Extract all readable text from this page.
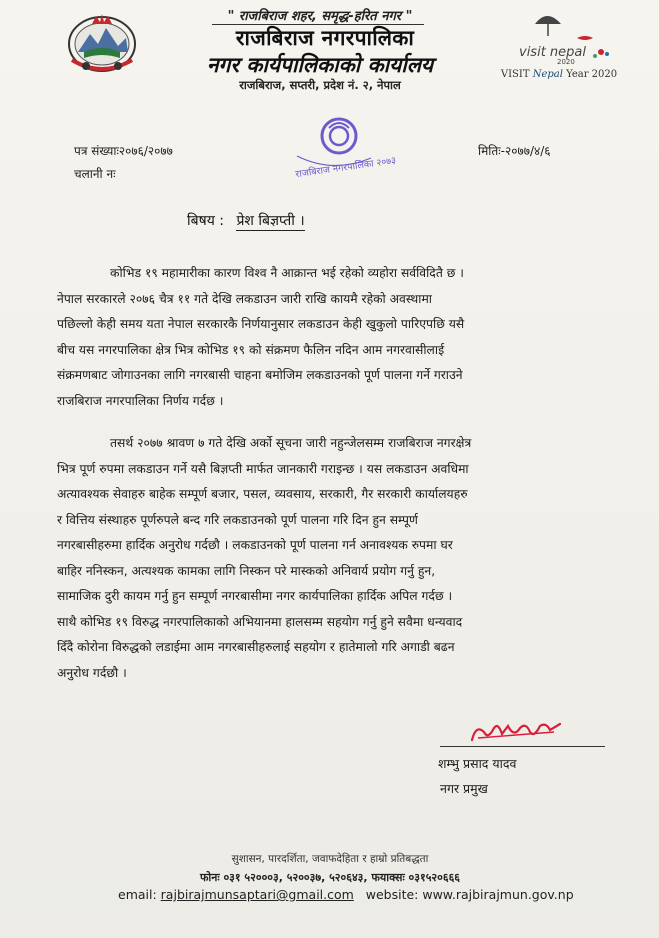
" राजबिराज शहर, समृद्ध-हरित नगर "
राजबिराज नगरपालिका
नगर कार्यपालिकाको कार्यालय
राजबिराज, सप्तरी, प्रदेश नं. २, नेपाल
visit nepal
2020
VISIT Nepal Year 2020
पत्र संख्याः२०७६/२०७७
चलानी नः
मितिः-२०७७/४/६
राजबिराज नगरपालिका २०७३
बिषय : प्रेश बिज्ञप्ती ।
कोभिड १९ महामारीका कारण विश्व नै आक्रान्त भई रहेको व्यहोरा सर्वविदितै छ ।
नेपाल सरकारले २०७६ चैत्र ११ गते देखि लकडाउन जारी राखि कायमै रहेको अवस्थामा
पछिल्लो केही समय यता नेपाल सरकारकै निर्णयानुसार लकडाउन केही खुकुलो पारिएपछि यसै
बीच यस नगरपालिका क्षेत्र भित्र कोभिड १९ को संक्रमण फैलिन नदिन आम नगरवासीलाई
संक्रमणबाट जोगाउनका लागि नगरबासी चाहना बमोजिम लकडाउनको पूर्ण पालना गर्ने गराउने
राजबिराज नगरपालिका निर्णय गर्दछ ।
तसर्थ २०७७ श्रावण ७ गते देखि अर्को सूचना जारी नहुन्जेलसम्म राजबिराज नगरक्षेत्र
भित्र पूर्ण रुपमा लकडाउन गर्ने यसै बिज्ञप्ती मार्फत जानकारी गराइन्छ । यस लकडाउन अवधिमा
अत्यावश्यक सेवाहरु बाहेक सम्पूर्ण बजार, पसल, व्यवसाय, सरकारी, गैर सरकारी कार्यालयहरु
र वित्तिय संस्थाहरु पूर्णरुपले बन्द गरि लकडाउनको पूर्ण पालना गरि दिन हुन सम्पूर्ण
नगरबासीहरुमा हार्दिक अनुरोध गर्दछौ । लकडाउनको पूर्ण पालना गर्न अनावश्यक रुपमा घर
बाहिर ननिस्कन, अत्यश्यक कामका लागि निस्कन परे मास्कको अनिवार्य प्रयोग गर्नु हुन,
सामाजिक दुरी कायम गर्नु हुन सम्पूर्ण नगरबासीमा नगर कार्यपालिका हार्दिक अपिल गर्दछ ।
साथै कोभिड १९ विरुद्ध नगरपालिकाको अभियानमा हालसम्म सहयोग गर्नु हुने सवैमा धन्यवाद
दिँदै कोरोना विरुद्धको लडाईमा आम नगरबासीहरुलाई सहयोग र हातेमालो गरि अगाडी बढन
अनुरोध गर्दछौ ।
शम्भु प्रसाद यादव
नगर प्रमुख
सुशासन, पारदर्शिता, जवाफदेहिता र हाम्रो प्रतिबद्धता
फोनः ०३१ ५२०००३, ५२००३७, ५२०६४३, फयाक्सः ०३१५२०६६६
email: rajbirajmunsaptari@gmail.com website: www.rajbirajmun.gov.np
